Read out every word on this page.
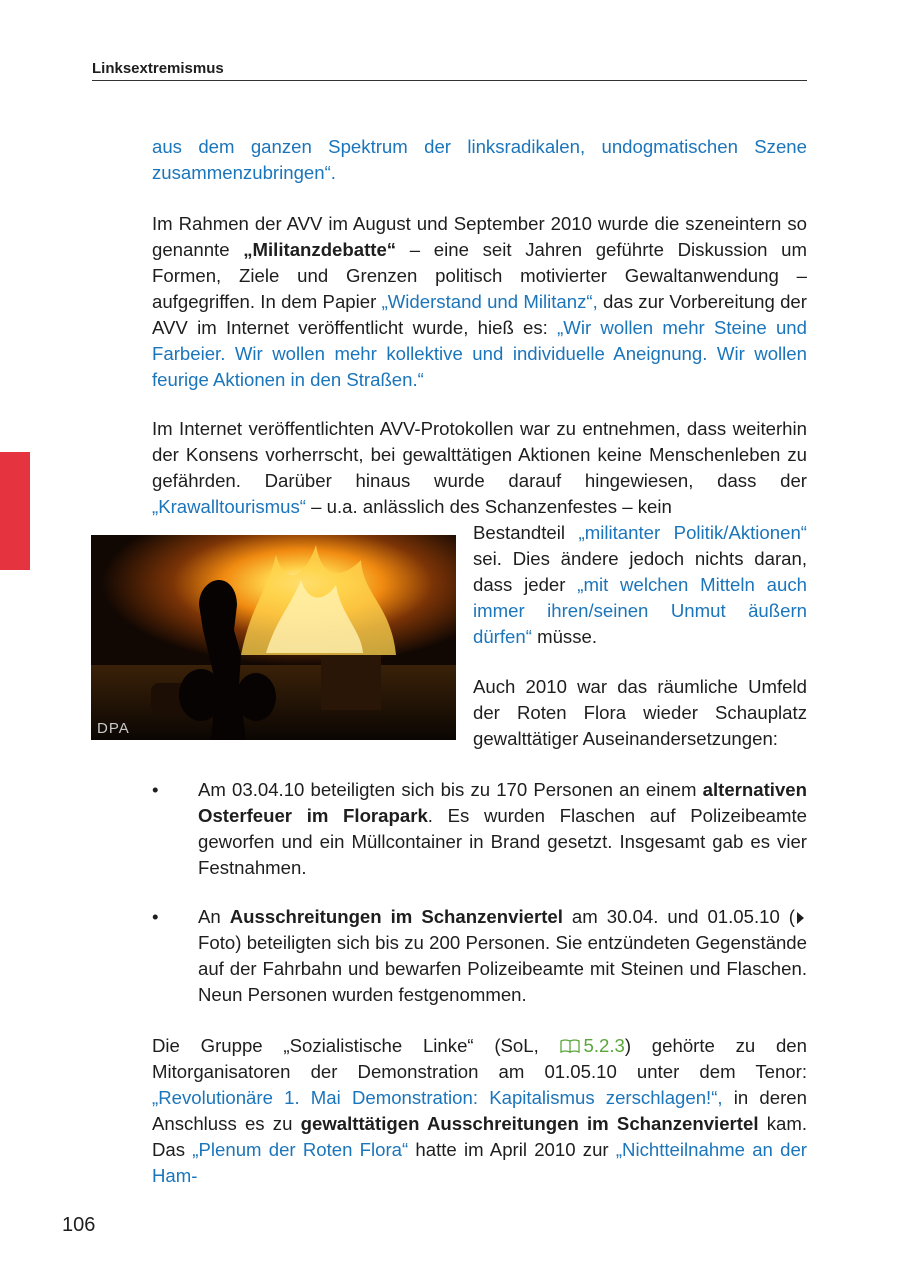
Linksextremismus

aus dem ganzen Spektrum der linksradikalen, undogmatischen Szene zusammenzubringen“.

Im Rahmen der AVV im August und September 2010 wurde die szeneintern so genannte „Militanzdebatte“ – eine seit Jahren geführte Diskussion um Formen, Ziele und Grenzen politisch motivierter Gewaltanwendung – aufgegriffen. In dem Papier „Widerstand und Militanz“, das zur Vorbereitung der AVV im Internet veröffentlicht wurde, hieß es: „Wir wollen mehr Steine und Farbeier. Wir wollen mehr kollektive und individuelle Aneignung. Wir wollen feurige Aktionen in den Straßen.“

Im Internet veröffentlichten AVV-Protokollen war zu entnehmen, dass weiterhin der Konsens vorherrscht, bei gewalttätigen Aktionen keine Menschenleben zu gefährden. Darüber hinaus wurde darauf hingewiesen, dass der „Krawalltourismus“ – u.a. anlässlich des Schanzenfestes – kein

DPA

Bestandteil „militanter Politik/Aktionen“ sei. Dies ändere jedoch nichts daran, dass jeder „mit welchen Mitteln auch immer ihren/seinen Unmut äußern dürfen“ müsse.

Auch 2010 war das räumliche Umfeld der Roten Flora wieder Schauplatz gewalttätiger Auseinandersetzungen:

• Am 03.04.10 beteiligten sich bis zu 170 Personen an einem alternativen Osterfeuer im Florapark. Es wurden Flaschen auf Polizeibeamte geworfen und ein Müllcontainer in Brand gesetzt. Insgesamt gab es vier Festnahmen.

• An Ausschreitungen im Schanzenviertel am 30.04. und 01.05.10 (Foto) beteiligten sich bis zu 200 Personen. Sie entzündeten Gegenstände auf der Fahrbahn und bewarfen Polizeibeamte mit Steinen und Flaschen. Neun Personen wurden festgenommen.

Die Gruppe „Sozialistische Linke“ (SoL, 5.2.3) gehörte zu den Mitorganisatoren der Demonstration am 01.05.10 unter dem Tenor: „Revolutionäre 1. Mai Demonstration: Kapitalismus zerschlagen!“, in deren Anschluss es zu gewalttätigen Ausschreitungen im Schanzenviertel kam. Das „Plenum der Roten Flora“ hatte im April 2010 zur „Nichtteilnahme an der Ham-

106
